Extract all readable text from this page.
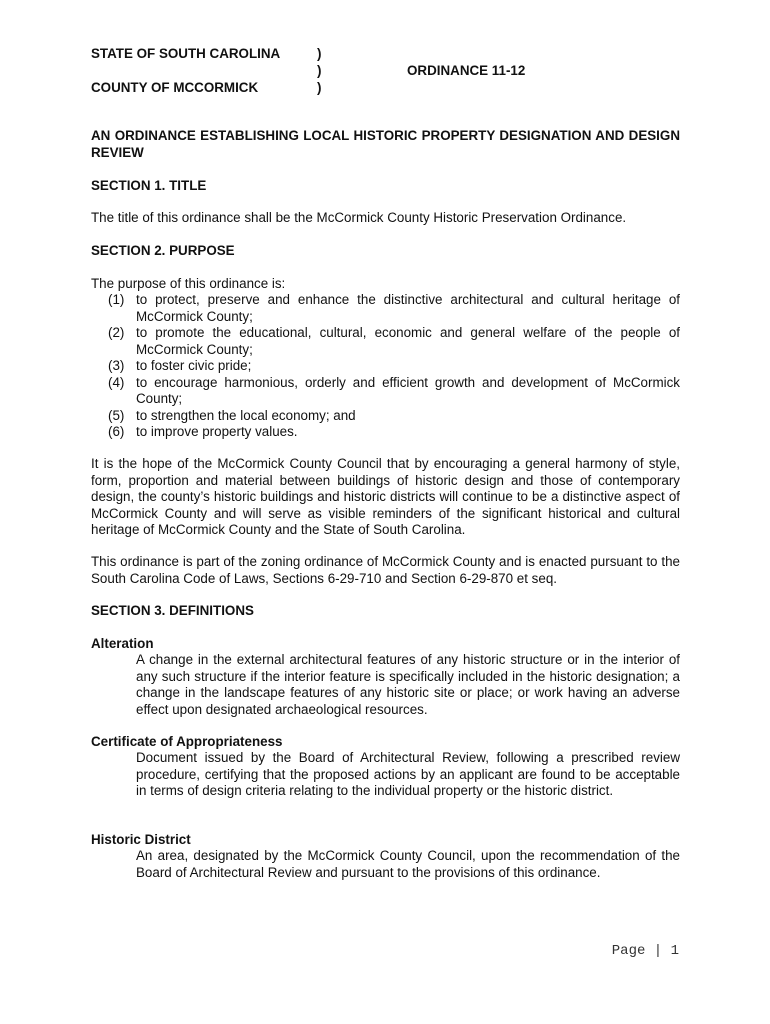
STATE OF SOUTH CAROLINA	)
)	ORDINANCE 11-12
COUNTY OF MCCORMICK	)
AN ORDINANCE ESTABLISHING LOCAL HISTORIC PROPERTY DESIGNATION AND DESIGN REVIEW
SECTION 1. TITLE
The title of this ordinance shall be the McCormick County Historic Preservation Ordinance.
SECTION 2. PURPOSE
The purpose of this ordinance is:
(1) to protect, preserve and enhance the distinctive architectural and cultural heritage of McCormick County;
(2) to promote the educational, cultural, economic and general welfare of the people of McCormick County;
(3) to foster civic pride;
(4) to encourage harmonious, orderly and efficient growth and development of McCormick County;
(5) to strengthen the local economy; and
(6) to improve property values.
It is the hope of the McCormick County Council that by encouraging a general harmony of style, form, proportion and material between buildings of historic design and those of contemporary design, the county’s historic buildings and historic districts will continue to be a distinctive aspect of McCormick County and will serve as visible reminders of the significant historical and cultural heritage of McCormick County and the State of South Carolina.
This ordinance is part of the zoning ordinance of McCormick County and is enacted pursuant to the South Carolina Code of Laws, Sections 6-29-710 and Section 6-29-870 et seq.
SECTION 3. DEFINITIONS
Alteration
A change in the external architectural features of any historic structure or in the interior of any such structure if the interior feature is specifically included in the historic designation; a change in the landscape features of any historic site or place; or work having an adverse effect upon designated archaeological resources.
Certificate of Appropriateness
Document issued by the Board of Architectural Review, following a prescribed review procedure, certifying that the proposed actions by an applicant are found to be acceptable in terms of design criteria relating to the individual property or the historic district.
Historic District
An area, designated by the McCormick County Council, upon the recommendation of the Board of Architectural Review and pursuant to the provisions of this ordinance.
Page | 1
